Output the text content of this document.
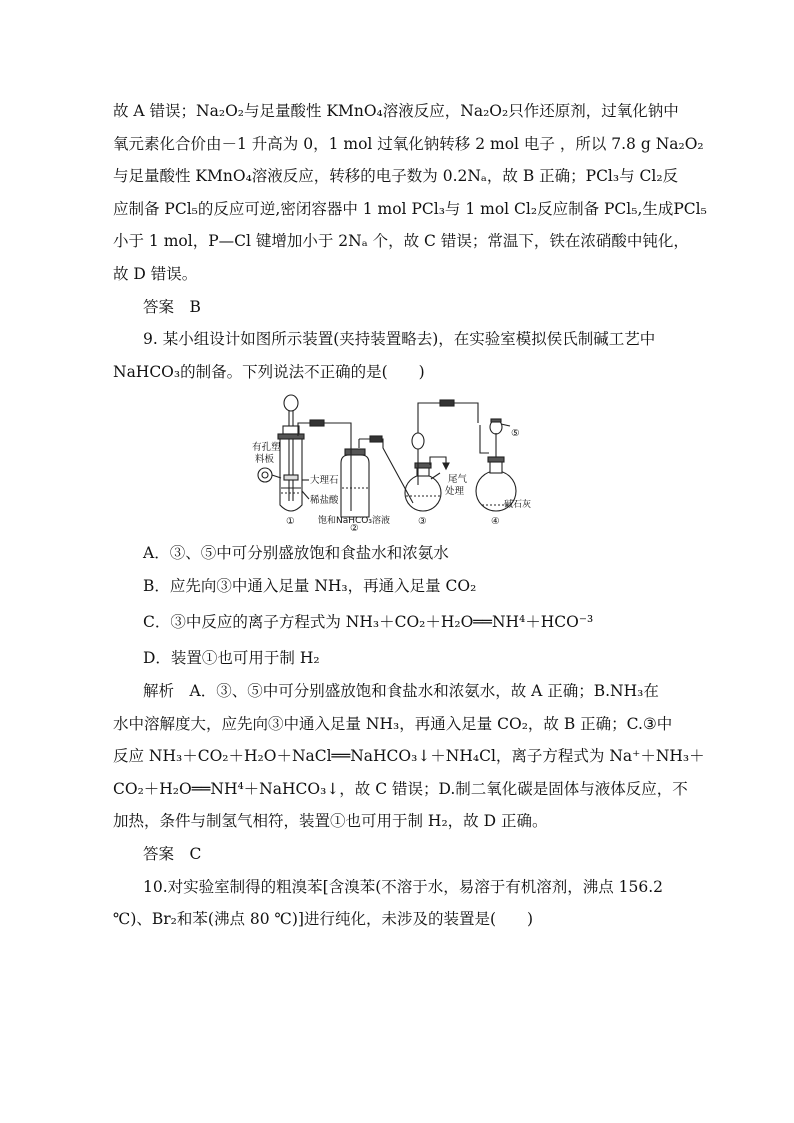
故 A 错误；Na₂O₂与足量酸性 KMnO₄溶液反应，Na₂O₂只作还原剂，过氧化钠中
氧元素化合价由－1 升高为 0，1 mol 过氧化钠转移 2 mol 电子 ，所以 7.8 g Na₂O₂
与足量酸性 KMnO₄溶液反应，转移的电子数为 0.2Nₐ，故 B 正确；PCl₃与 Cl₂反
应制备 PCl₅的反应可逆,密闭容器中 1 mol PCl₃与 1 mol Cl₂反应制备 PCl₅,生成PCl₅
小于 1 mol，P—Cl 键增加小于 2Nₐ 个，故 C 错误；常温下，铁在浓硝酸中钝化，
故 D 错误。
答案　B
9. 某小组设计如图所示装置(夹持装置略去)，在实验室模拟侯氏制碱工艺中
NaHCO₃的制备。下列说法不正确的是(　　)
有孔塑
料板
大理石
稀盐酸
饱和NaHCO₃溶液
尾气
处理
碱石灰
①
②
③	④
⑤
A．③、⑤中可分别盛放饱和食盐水和浓氨水
B．应先向③中通入足量 NH₃，再通入足量 CO₂
C．③中反应的离子方程式为 NH₃＋CO₂＋H₂O══NH⁴＋HCO⁻³
D．装置①也可用于制 H₂
解析　A．③、⑤中可分别盛放饱和食盐水和浓氨水，故 A 正确；B.NH₃在
水中溶解度大，应先向③中通入足量 NH₃，再通入足量 CO₂，故 B 正确；C.③中
反应 NH₃＋CO₂＋H₂O＋NaCl══NaHCO₃↓＋NH₄Cl，离子方程式为 Na⁺＋NH₃＋
CO₂＋H₂O══NH⁴＋NaHCO₃↓，故 C 错误；D.制二氧化碳是固体与液体反应，不
加热，条件与制氢气相符，装置①也可用于制 H₂，故 D 正确。
答案　C
10.对实验室制得的粗溴苯[含溴苯(不溶于水，易溶于有机溶剂，沸点 156.2
℃)、Br₂和苯(沸点 80 ℃)]进行纯化，未涉及的装置是(　　)
